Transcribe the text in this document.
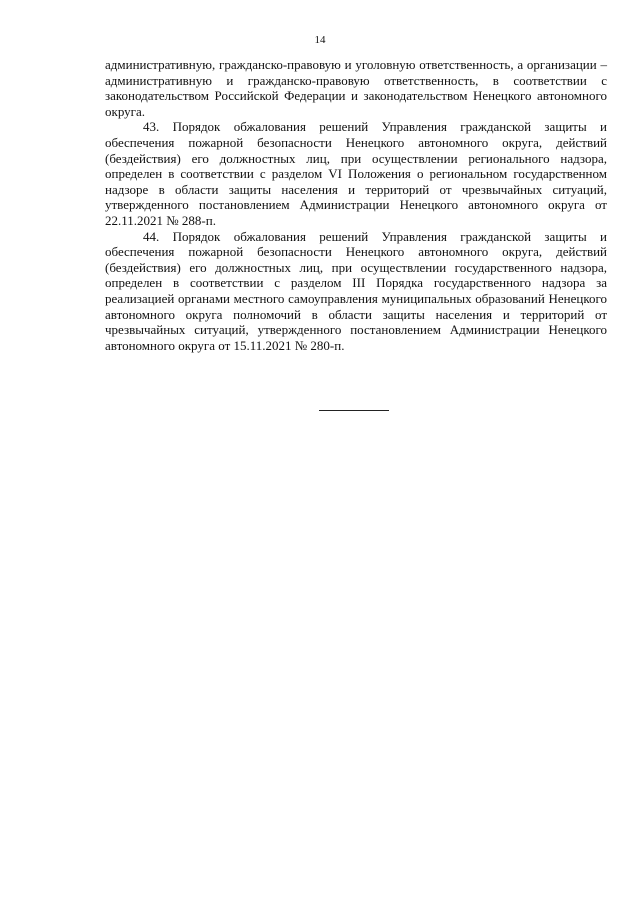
14

административную, гражданско-правовую и уголовную ответственность, а организации – административную и гражданско-правовую ответственность, в соответствии с законодательством Российской Федерации и законодательством Ненецкого автономного округа.

43. Порядок обжалования решений Управления гражданской защиты и обеспечения пожарной безопасности Ненецкого автономного округа, действий (бездействия) его должностных лиц, при осуществлении регионального надзора, определен в соответствии с разделом VI Положения о региональном государственном надзоре в области защиты населения и территорий от чрезвычайных ситуаций, утвержденного постановлением Администрации Ненецкого автономного округа от 22.11.2021 № 288-п.

44. Порядок обжалования решений Управления гражданской защиты и обеспечения пожарной безопасности Ненецкого автономного округа, действий (бездействия) его должностных лиц, при осуществлении государственного надзора, определен в соответствии с разделом III Порядка государственного надзора за реализацией органами местного самоуправления муниципальных образований Ненецкого автономного округа полномочий в области защиты населения и территорий от чрезвычайных ситуаций, утвержденного постановлением Администрации Ненецкого автономного округа от 15.11.2021 № 280-п.
